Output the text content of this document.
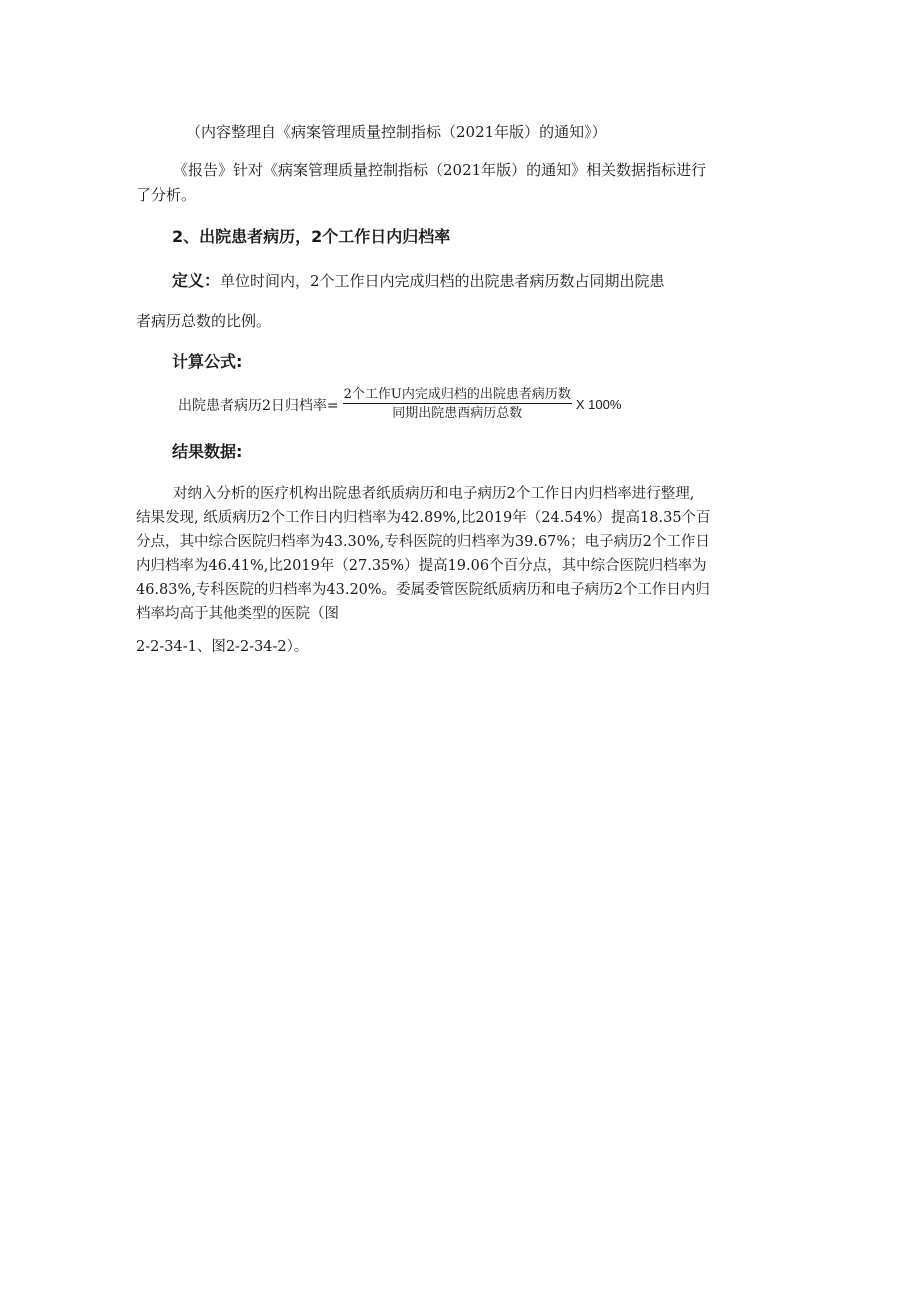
（内容整理自《病案管理质量控制指标（2021年版）的通知》）
《报告》针对《病案管理质量控制指标（2021年版）的通知》相关数据指标进行
了分析。
2、出院患者病历，2个工作日内归档率
定义：单位时间内，2个工作日内完成归档的出院患者病历数占同期出院患
者病历总数的比例。
计算公式:
出院患者病历2日归档率= $\frac{\text{2个工作U内完成归档的出院患者病历数}}{\text{同期出院患酉病历总数}}$ X 100%
结果数据:
对纳入分析的医疗机构出院患者纸质病历和电子病历2个工作日内归档率进行整理,
结果发现, 纸质病历2个工作日内归档率为42.89%,比2019年（24.54%）提高18.35个百
分点，其中综合医院归档率为43.30%,专科医院的归档率为39.67%；电子病历2个工作日
内归档率为46.41%,比2019年（27.35%）提高19.06个百分点，其中综合医院归档率为
46.83%,专科医院的归档率为43.20%。委属委管医院纸质病历和电子病历2个工作日内归
档率均高于其他类型的医院（图
2-2-34-1、图2-2-34-2）。
